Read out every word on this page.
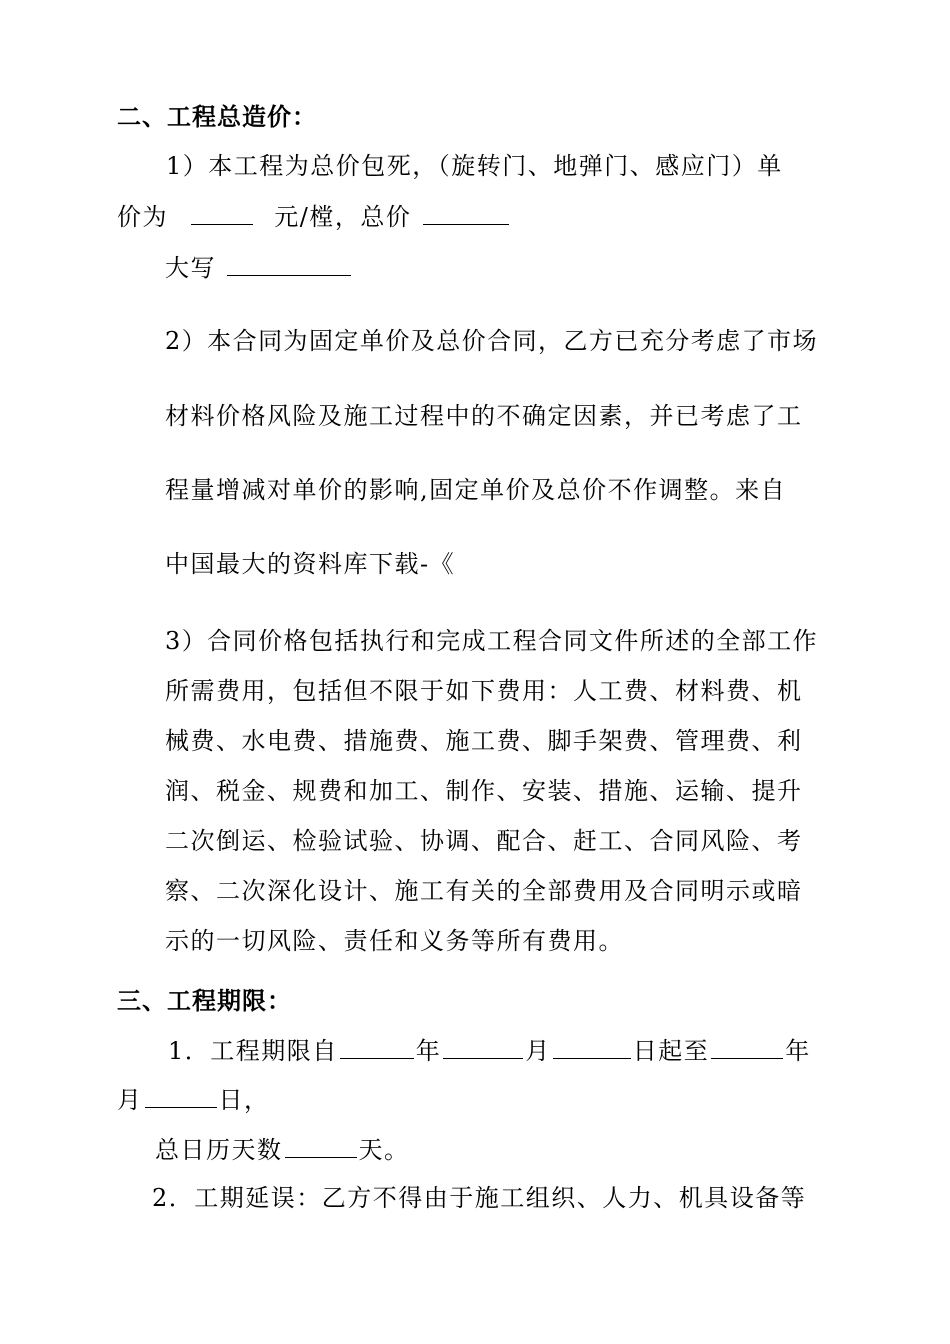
二、工程总造价：
1）本工程为总价包死，（旋转门、地弹门、感应门）单
价为	元/樘，总价
大写
2）本合同为固定单价及总价合同，乙方已充分考虑了市场
材料价格风险及施工过程中的不确定因素，并已考虑了工
程量增减对单价的影响,固定单价及总价不作调整。来自
中国最大的资料库下载-《
3）合同价格包括执行和完成工程合同文件所述的全部工作
所需费用，包括但不限于如下费用：人工费、材料费、机
械费、水电费、措施费、施工费、脚手架费、管理费、利
润、税金、规费和加工、制作、安装、措施、运输、提升
二次倒运、检验试验、协调、配合、赶工、合同风险、考
察、二次深化设计、施工有关的全部费用及合同明示或暗
示的一切风险、责任和义务等所有费用。
三、工程期限：
1．工程期限自	年	月	日起至	年
月	日，
总日历天数	天。
2．工期延误：乙方不得由于施工组织、人力、机具设备等
